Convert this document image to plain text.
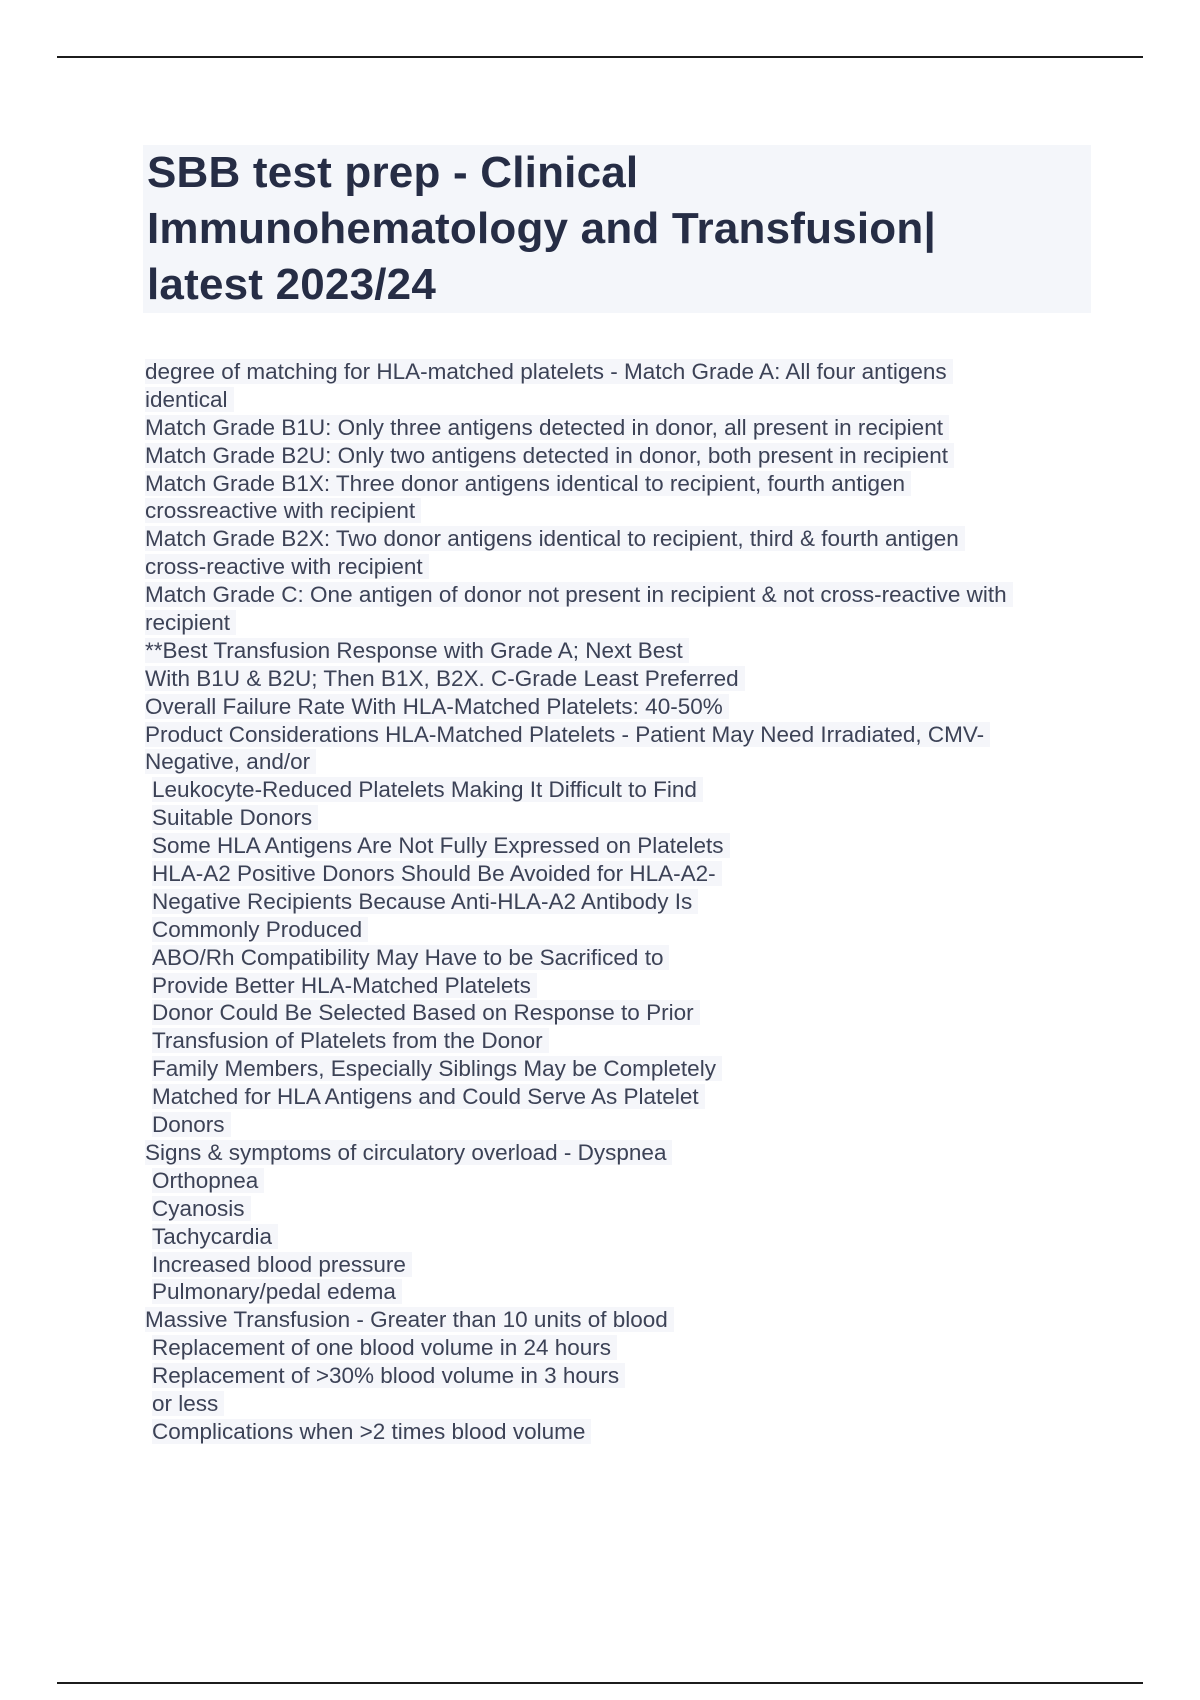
SBB test prep - Clinical
Immunohematology and Transfusion|
latest 2023/24
degree of matching for HLA-matched platelets - Match Grade A: All four antigens
identical
Match Grade B1U: Only three antigens detected in donor, all present in recipient
Match Grade B2U: Only two antigens detected in donor, both present in recipient
Match Grade B1X: Three donor antigens identical to recipient, fourth antigen
crossreactive with recipient
Match Grade B2X: Two donor antigens identical to recipient, third & fourth antigen
cross-reactive with recipient
Match Grade C: One antigen of donor not present in recipient & not cross-reactive with
recipient
**Best Transfusion Response with Grade A; Next Best
With B1U & B2U; Then B1X, B2X. C-Grade Least Preferred
Overall Failure Rate With HLA-Matched Platelets: 40-50%
Product Considerations HLA-Matched Platelets - Patient May Need Irradiated, CMV-
Negative, and/or
Leukocyte-Reduced Platelets Making It Difficult to Find
Suitable Donors
Some HLA Antigens Are Not Fully Expressed on Platelets
HLA-A2 Positive Donors Should Be Avoided for HLA-A2-
Negative Recipients Because Anti-HLA-A2 Antibody Is
Commonly Produced
ABO/Rh Compatibility May Have to be Sacrificed to
Provide Better HLA-Matched Platelets
Donor Could Be Selected Based on Response to Prior
Transfusion of Platelets from the Donor
Family Members, Especially Siblings May be Completely
Matched for HLA Antigens and Could Serve As Platelet
Donors
Signs & symptoms of circulatory overload - Dyspnea
Orthopnea
Cyanosis
Tachycardia
Increased blood pressure
Pulmonary/pedal edema
Massive Transfusion - Greater than 10 units of blood
Replacement of one blood volume in 24 hours
Replacement of >30% blood volume in 3 hours
or less
Complications when >2 times blood volume
